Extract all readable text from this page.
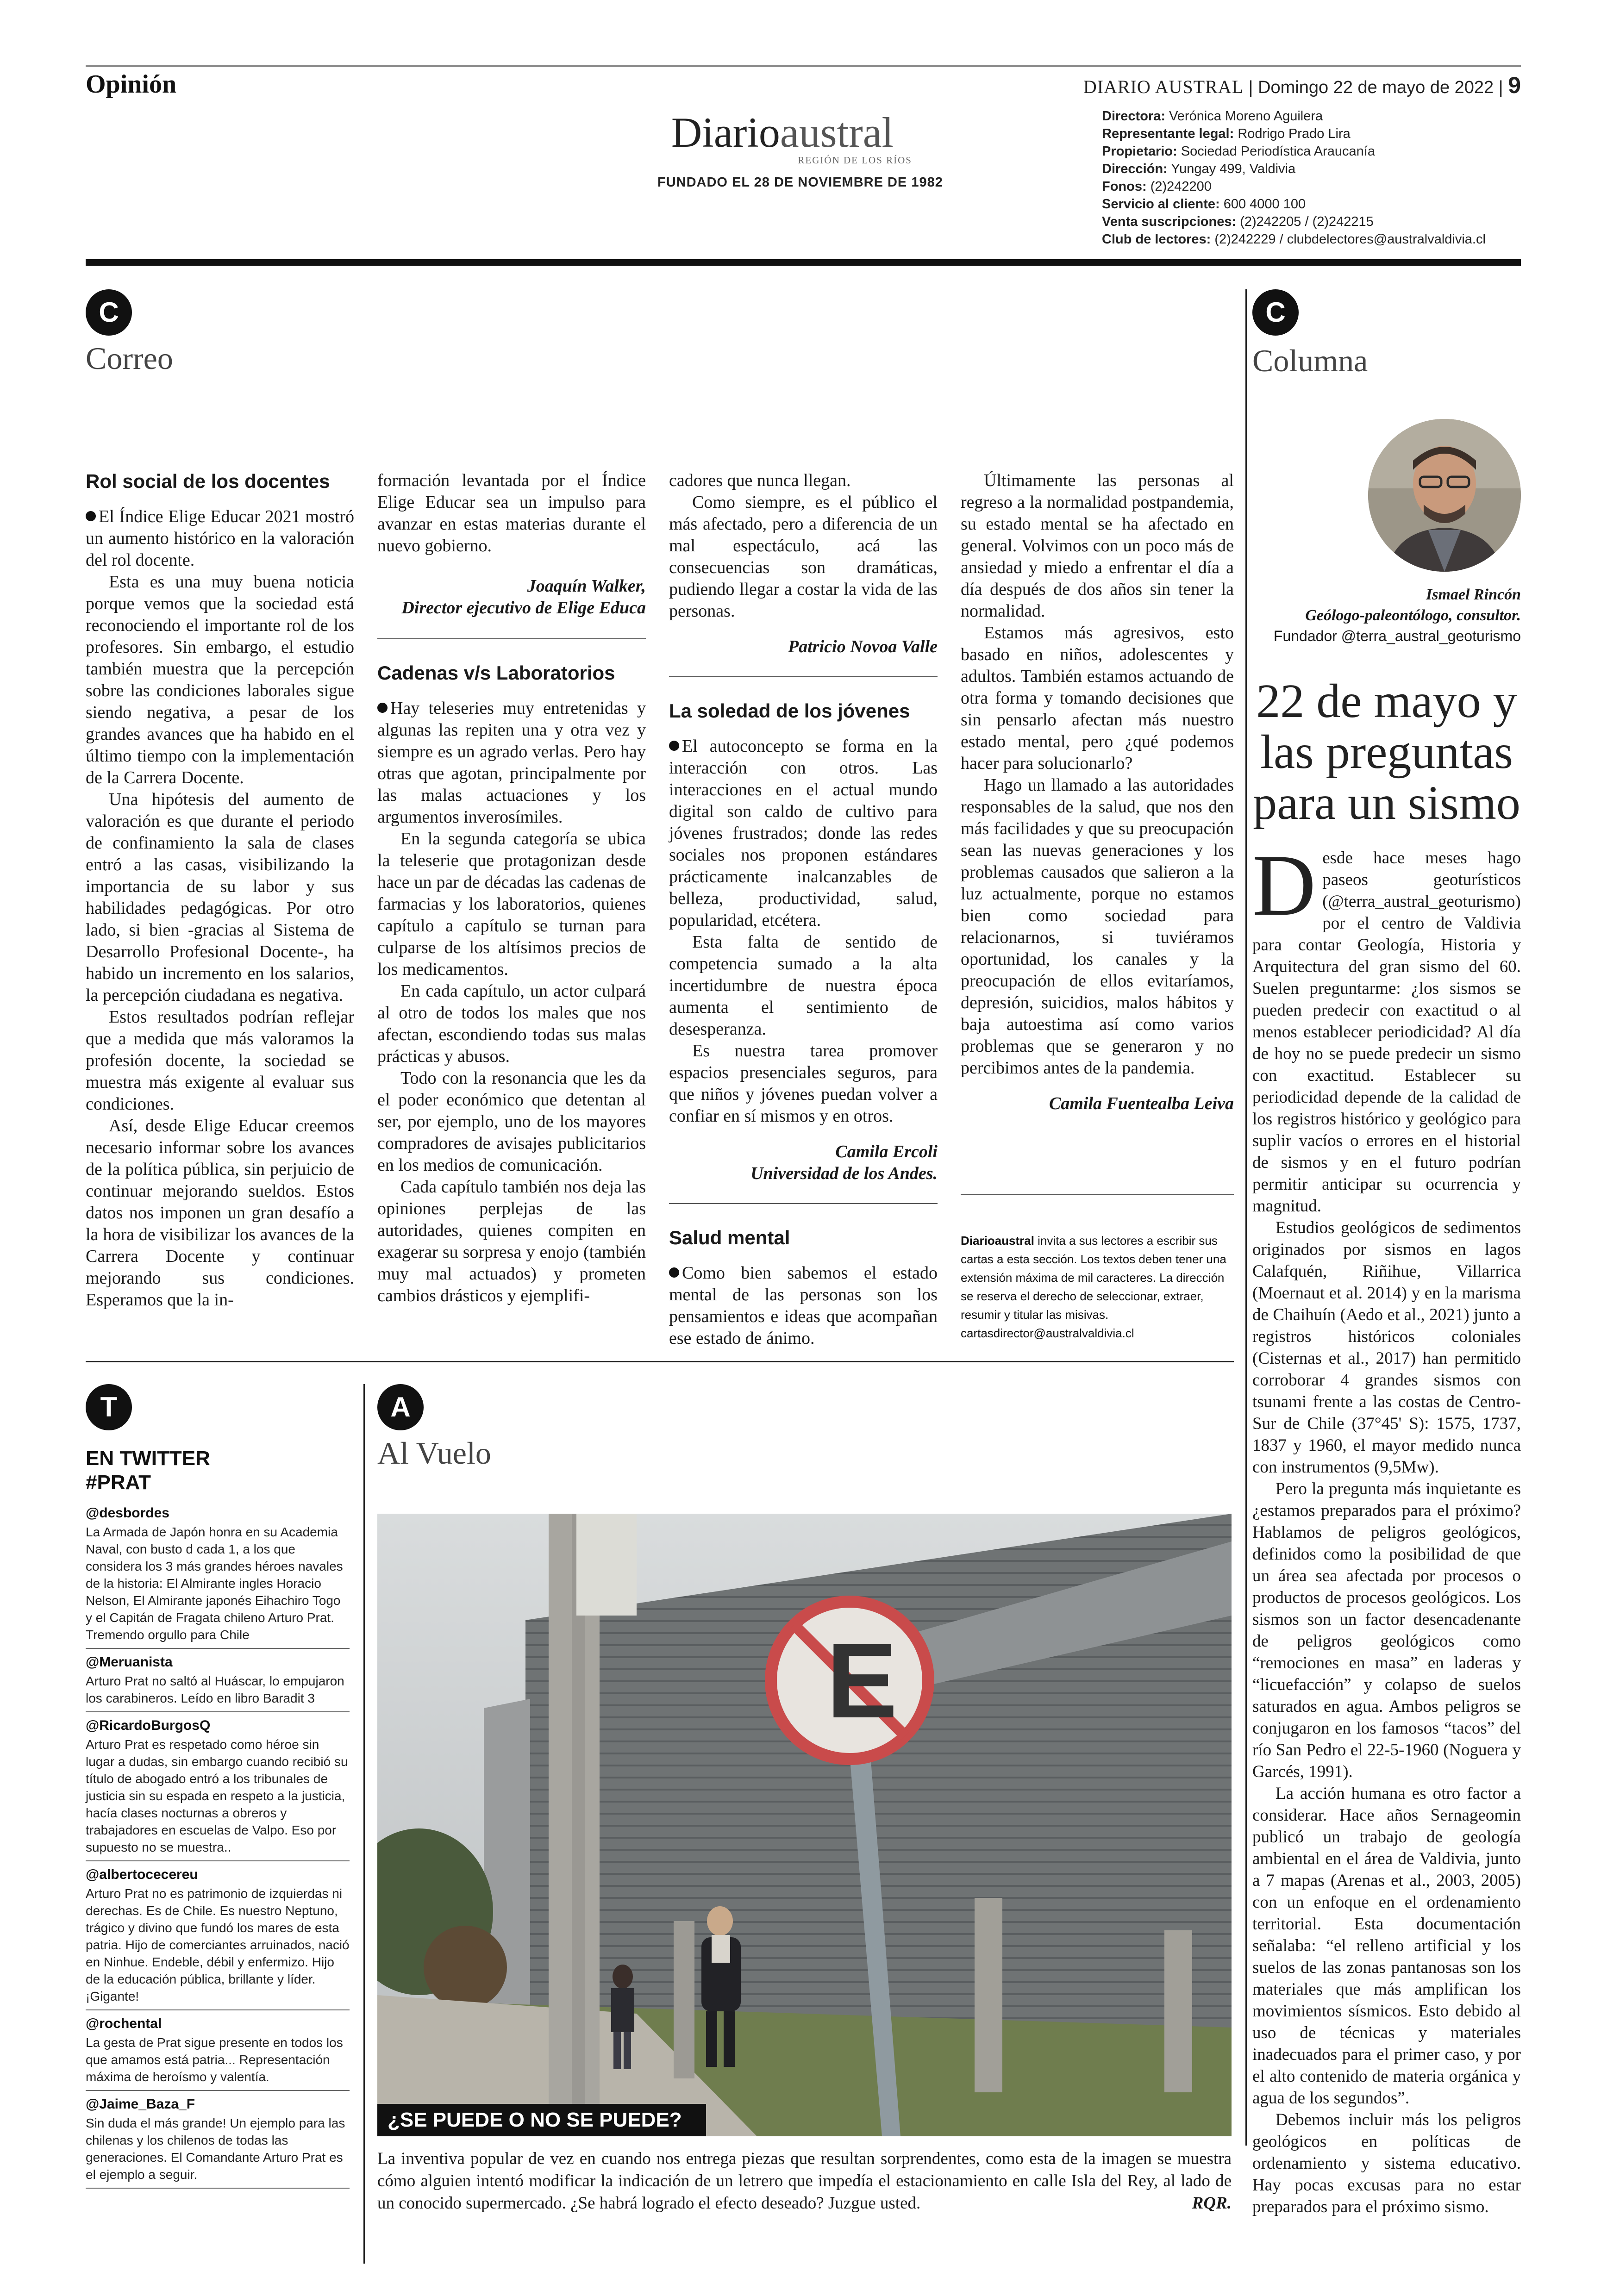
Opinión	DIARIO AUSTRAL | Domingo 22 de mayo de 2022 | 9
Diarioaustral
REGIÓN DE LOS RÍOS
FUNDADO EL 28 DE NOVIEMBRE DE 1982
Directora: Verónica Moreno Aguilera
Representante legal: Rodrigo Prado Lira
Propietario: Sociedad Periodística Araucanía
Dirección: Yungay 499, Valdivia
Fonos: (2)242200
Servicio al cliente: 600 4000 100
Venta suscripciones: (2)242205 / (2)242215
Club de lectores: (2)242229 / clubdelectores@australvaldivia.cl
C
Correo
Rol social de los docentes

El Índice Elige Educar 2021 mostró un aumento histórico en la valoración del rol docente.

Esta es una muy buena noticia porque vemos que la sociedad está reconociendo el importante rol de los profesores. Sin embargo, el estudio también muestra que la percepción sobre las condiciones laborales sigue siendo negativa, a pesar de los grandes avances que ha habido en el último tiempo con la implementación de la Carrera Docente.

Una hipótesis del aumento de valoración es que durante el periodo de confinamiento la sala de clases entró a las casas, visibilizando la importancia de su labor y sus habilidades pedagógicas. Por otro lado, si bien -gracias al Sistema de Desarrollo Profesional Docente-, ha habido un incremento en los salarios, la percepción ciudadana es negativa.

Estos resultados podrían reflejar que a medida que más valoramos la profesión docente, la sociedad se muestra más exigente al evaluar sus condiciones.

Así, desde Elige Educar creemos necesario informar sobre los avances de la política pública, sin perjuicio de continuar mejorando sueldos. Estos datos nos imponen un gran desafío a la hora de visibilizar los avances de la Carrera Docente y continuar mejorando sus condiciones. Esperamos que la in-

formación levantada por el Índice Elige Educar sea un impulso para avanzar en estas materias durante el nuevo gobierno.

Joaquín Walker,
Director ejecutivo de Elige Educa

Cadenas v/s Laboratorios

Hay teleseries muy entretenidas y algunas las repiten una y otra vez y siempre es un agrado verlas. Pero hay otras que agotan, principalmente por las malas actuaciones y los argumentos inverosímiles.

En la segunda categoría se ubica la teleserie que protagonizan desde hace un par de décadas las cadenas de farmacias y los laboratorios, quienes capítulo a capítulo se turnan para culparse de los altísimos precios de los medicamentos.

En cada capítulo, un actor culpará al otro de todos los males que nos afectan, escondiendo todas sus malas prácticas y abusos.

Todo con la resonancia que les da el poder económico que detentan al ser, por ejemplo, uno de los mayores compradores de avisajes publicitarios en los medios de comunicación.

Cada capítulo también nos deja las opiniones perplejas de las autoridades, quienes compiten en exagerar su sorpresa y enojo (también muy mal actuados) y prometen cambios drásticos y ejemplifi-

cadores que nunca llegan.

Como siempre, es el público el más afectado, pero a diferencia de un mal espectáculo, acá las consecuencias son dramáticas, pudiendo llegar a costar la vida de las personas.

Patricio Novoa Valle

La soledad de los jóvenes

El autoconcepto se forma en la interacción con otros. Las interacciones en el actual mundo digital son caldo de cultivo para jóvenes frustrados; donde las redes sociales nos proponen estándares prácticamente inalcanzables de belleza, productividad, salud, popularidad, etcétera.

Esta falta de sentido de competencia sumado a la alta incertidumbre de nuestra época aumenta el sentimiento de desesperanza.

Es nuestra tarea promover espacios presenciales seguros, para que niños y jóvenes puedan volver a confiar en sí mismos y en otros.

Camila Ercoli
Universidad de los Andes.

Salud mental

Como bien sabemos el estado mental de las personas son los pensamientos e ideas que acompañan ese estado de ánimo.

Últimamente las personas al regreso a la normalidad postpandemia, su estado mental se ha afectado en general. Volvimos con un poco más de ansiedad y miedo a enfrentar el día a día después de dos años sin tener la normalidad.

Estamos más agresivos, esto basado en niños, adolescentes y adultos. También estamos actuando de otra forma y tomando decisiones que sin pensarlo afectan más nuestro estado mental, pero ¿qué podemos hacer para solucionarlo?

Hago un llamado a las autoridades responsables de la salud, que nos den más facilidades y que su preocupación sean las nuevas generaciones y los problemas causados que salieron a la luz actualmente, porque no estamos bien como sociedad para relacionarnos, si tuviéramos oportunidad, los canales y la preocupación de ellos evitaríamos, depresión, suicidios, malos hábitos y baja autoestima así como varios problemas que se generaron y no percibimos antes de la pandemia.

Camila Fuentealba Leiva

Diarioaustral invita a sus lectores a escribir sus cartas a esta sección. Los textos deben tener una extensión máxima de mil caracteres. La dirección se reserva el derecho de seleccionar, extraer, resumir y titular las misivas.
cartasdirector@australvaldivia.cl
T
EN TWITTER
#PRAT
@desbordes
La Armada de Japón honra en su Academia Naval, con busto d cada 1, a los que considera los 3 más grandes héroes navales de la historia: El Almirante ingles Horacio Nelson, El Almirante japonés Eihachiro Togo y el Capitán de Fragata chileno Arturo Prat. Tremendo orgullo para Chile
@Meruanista
Arturo Prat no saltó al Huáscar, lo empujaron los carabineros. Leído en libro Baradit 3
@RicardoBurgosQ
Arturo Prat es respetado como héroe sin lugar a dudas, sin embargo cuando recibió su título de abogado entró a los tribunales de justicia sin su espada en respeto a la justicia, hacía clases nocturnas a obreros y trabajadores en escuelas de Valpo. Eso por supuesto no se muestra..
@albertocecereu
Arturo Prat no es patrimonio de izquierdas ni derechas. Es de Chile. Es nuestro Neptuno, trágico y divino que fundó los mares de esta patria. Hijo de comerciantes arruinados, nació en Ninhue. Endeble, débil y enfermizo. Hijo de la educación pública, brillante y líder. ¡Gigante!
@rochental
La gesta de Prat sigue presente en todos los que amamos está patria... Representación máxima de heroísmo y valentía.
@Jaime_Baza_F
Sin duda el más grande! Un ejemplo para las chilenas y los chilenos de todas las generaciones. El Comandante Arturo Prat es el ejemplo a seguir.
A
Al Vuelo
E
¿SE PUEDE O NO SE PUEDE?
La inventiva popular de vez en cuando nos entrega piezas que resultan sorprendentes, como esta de la imagen se muestra cómo alguien intentó modificar la indicación de un letrero que impedía el estacionamiento en calle Isla del Rey, al lado de un conocido supermercado. ¿Se habrá logrado el efecto deseado? Juzgue usted.	RQR.
C
Columna
Ismael Rincón
Geólogo-paleontólogo, consultor.
Fundador @terra_austral_geoturismo
22 de mayo y las preguntas para un sismo

Desde hace meses hago paseos geoturísticos (@terra_austral_geoturismo) por el centro de Valdivia para contar Geología, Historia y Arquitectura del gran sismo del 60. Suelen preguntarme: ¿los sismos se pueden predecir con exactitud o al menos establecer periodicidad? Al día de hoy no se puede predecir un sismo con exactitud. Establecer su periodicidad depende de la calidad de los registros histórico y geológico para suplir vacíos o errores en el historial de sismos y en el futuro podrían permitir anticipar su ocurrencia y magnitud.

Estudios geológicos de sedimentos originados por sismos en lagos Calafquén, Riñihue, Villarrica (Moernaut et al. 2014) y en la marisma de Chaihuín (Aedo et al., 2021) junto a registros históricos coloniales (Cisternas et al., 2017) han permitido corroborar 4 grandes sismos con tsunami frente a las costas de Centro-Sur de Chile (37°45' S): 1575, 1737, 1837 y 1960, el mayor medido nunca con instrumentos (9,5Mw).

Pero la pregunta más inquietante es ¿estamos preparados para el próximo? Hablamos de peligros geológicos, definidos como la posibilidad de que un área sea afectada por procesos o productos de procesos geológicos. Los sismos son un factor desencadenante de peligros geológicos como “remociones en masa” en laderas y “licuefacción” y colapso de suelos saturados en agua. Ambos peligros se conjugaron en los famosos “tacos” del río San Pedro el 22-5-1960 (Noguera y Garcés, 1991).

La acción humana es otro factor a considerar. Hace años Sernageomin publicó un trabajo de geología ambiental en el área de Valdivia, junto a 7 mapas (Arenas et al., 2003, 2005) con un enfoque en el ordenamiento territorial. Esta documentación señalaba: “el relleno artificial y los suelos de las zonas pantanosas son los materiales que más amplifican los movimientos sísmicos. Esto debido al uso de técnicas y materiales inadecuados para el primer caso, y por el alto contenido de materia orgánica y agua de los segundos”.

Debemos incluir más los peligros geológicos en políticas de ordenamiento y sistema educativo. Hay pocas excusas para no estar preparados para el próximo sismo.
